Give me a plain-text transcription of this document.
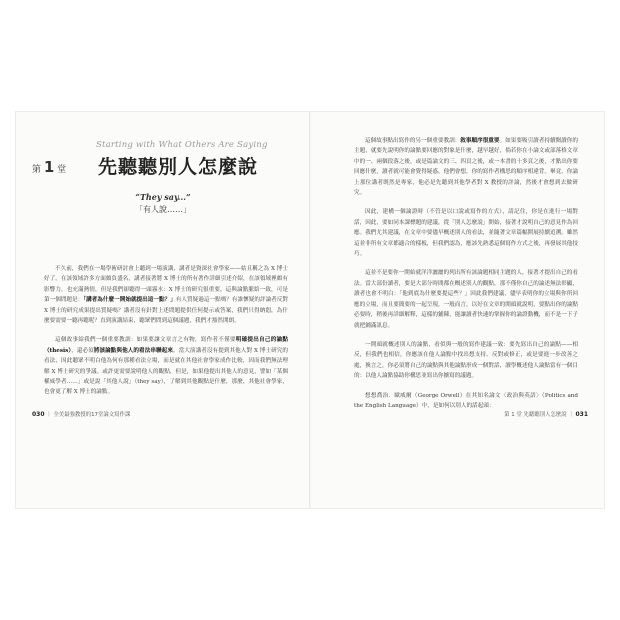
Starting with What Others Are Saying
第 1 堂 先聽聽別人怎麼說
“They say...”
「有人說……」

不久前，我們在一場學術研討會上聽到一場演講，講者是資深社會學家——姑且稱之為 X 博士好了。在該領域許多方面頗負盛名，講者接著將 X 博士的所有著作詳細引述介紹，在該領域裡頗有影響力，也充滿熱情，但是我們卻聽得一頭霧水：X 博士的研究很重要，這與論點脈絡一致，可是第一個問題是：「講者為什麼一開始就提出這一點？」有人質疑過這一點嗎？有誰懷疑的評論者反對 X 博士的研究成果提出質疑嗎？講者沒有針對上述問題提供任何提示或答案，我們只得納悶，為什麼要需要一聽再聽呢？直到演講結束，聽眾們問到這個議題，我們才豁然開朗。

這個故事給我們一個重要教訓：如果要讓文章言之有物，寫作者不僅要明確提出自己的論點（thesis），還必須將該論點與他人的看法串聯起來。當大演講者沒有提到其他人對 X 博士研究的看法，因此聽眾不明白他為何有那種看法立場，而是就在其他社會學家成作比較，因而我們無法理解 X 博士研究的爭議。或許更需要說明他人的觀點，但是，如果他提出其他人的意見，譬如「某個權威學者……」或是說「其他人說」（they say），了解到其他觀點是什麼，那麼，其他社會學家，也會更了解 X 博士的論點。

030 ｜ 全美最強教授的17堂論文寫作課

這個故事點出寫作的另一個重要教訓：敘事順序很重要。如果要吸引讀者持續閱讀你的主題，就要先說明你的論點要回應的對象是什麼，越早越好，倘若你在小論文或部落格文章中的一、兩個段落之後，或是篇論文的三、四頁之後，或一本書的十多頁之後，才點出你要回應什麼，讀者就可能會覺得疑惑，他們會想，你的寫作者構思的順序相違背。畢竟，你論上那位講者既然是專家，他必是先聽到其他學者對 X 教授的評論，然後才會想到去做研究。

因此，建構一個論證時（不管是以口說或寫作的方式），請記住，你是在進行一場對話，因此，要如同本課標題的建議，從「別人怎麼說」開始，接著才說明自己的意見作為回應。我們尤其建議，在文章中要儘早概述別人的看法，並隨著文章篇幅開展持續追溯。雖然這並非所有文章都適合的樣板，但我們認為，應該先熟悉這個寫作方式之後，再發展其他技巧。

這並不是要你一開始就洋洋灑灑的列出所有該論題相同主題的人，接著才提出自己的看法。當大部份讀者，要是大部分時間都在概述別人的觀點，那不僅你自己的論述無法彰顯，讀者也會不明白：「他到底為什麼要提這些？」因此我們建議，儘早表明你的立場與你所回應的立場，而且要簡要的一起呈現，一般而言，以好在文章的開頭就說明，要點出你的論點必要時，稍後再詳細解釋，這樣的鋪陳，能讓讀者快速的掌握你的論證動機，而不是一下子就把鋪滿訊息。

一開頭就概述別人的論點，看似與一般的寫作建議一致：要先寫出自己的論點——相反，但我們也相信，你應該在他人論點中找出想支持、反對或修正，或是要進一步改善之處，換言之，你必須將自己的論點與其他論點形成一個對話，讀學概述他人論點當有一個目的：以他人論點協助你構思並寫出你擴寫的議題。

想想喬治．歐威爾（George Orwell）在其知名論文〈政治與英語〉（Politics and the English Language）中，是如何以別人的話起頭：

第 1 堂 先聽聽別人怎麼說 ｜ 031
